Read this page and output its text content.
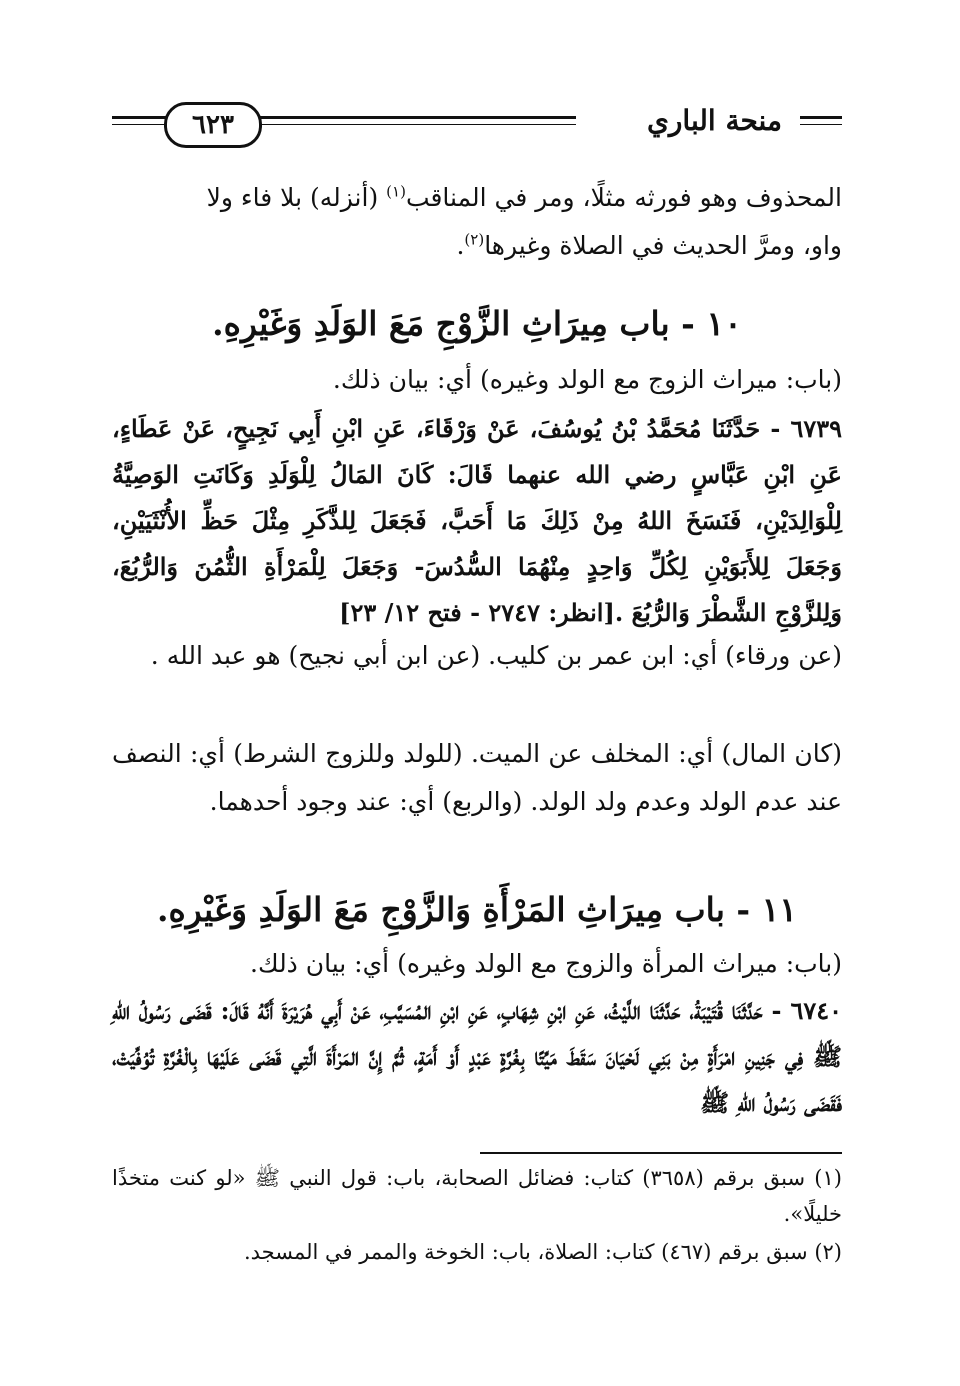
منحة الباري
٦٢٣
المحذوف وهو فورثه مثلًا، ومر في المناقب$^{(١)}$ (أنزله) بلا فاء ولا
واو، ومرَّ الحديث في الصلاة وغيرها$^{(٢)}$.
١٠ - باب مِيرَاثِ الزَّوْجِ مَعَ الوَلَدِ وَغَيْرِهِ.
(باب: ميراث الزوج مع الولد وغيره) أي: بيان ذلك.
٦٧٣٩ - حَدَّثَنَا مُحَمَّدُ بْنُ يُوسُفَ، عَنْ وَرْقَاءَ، عَنِ ابْنِ أَبِي نَجِيحٍ، عَنْ عَطَاءٍ، عَنِ ابْنِ عَبَّاسٍ رضي الله عنهما قَالَ: كَانَ المَالُ لِلْوَلَدِ وَكَانَتِ الوَصِيَّةُ لِلْوَالِدَيْنِ، فَنَسَخَ اللهُ مِنْ ذَلِكَ مَا أَحَبَّ، فَجَعَلَ لِلذَّكَرِ مِثْلَ حَظِّ الأُنْثَيَيْنِ، وَجَعَلَ لِلأَبَوَيْنِ لِكُلِّ وَاحِدٍ مِنْهُمَا السُّدُسَ- وَجَعَلَ لِلْمَرْأَةِ الثُّمُنَ وَالرُّبُعَ، وَلِلزَّوْجِ الشَّطْرَ وَالرُّبُعَ .[انظر: ٢٧٤٧ - فتح ١٢/ ٢٣]
(عن ورقاء) أي: ابن عمر بن كليب. (عن ابن أبي نجيح) هو عبد الله .
(كان المال) أي: المخلف عن الميت. (للولد وللزوج الشرط) أي: النصف عند عدم الولد وعدم ولد الولد. (والربع) أي: عند وجود أحدهما.
١١ - باب مِيرَاثِ المَرْأَةِ وَالزَّوْجِ مَعَ الوَلَدِ وَغَيْرِهِ.
(باب: ميراث المرأة والزوج مع الولد وغيره) أي: بيان ذلك.
٦٧٤٠ - حَدَّثَنَا قُتَيْبَةُ، حَدَّثَنَا اللَّيْثُ، عَنِ ابْنِ شِهَابٍ، عَنِ ابْنِ المُسَيَّبِ، عَنْ أَبِي هُرَيْرَةَ أَنَّهُ قَالَ: قَضَى رَسُولُ اللهِ ﷺ فِي جَنِينِ امْرَأَةٍ مِنْ بَنِي لَحْيَانَ سَقَطَ مَيِّتًا بِغُرَّةٍ عَبْدٍ أَوْ أَمَةٍ، ثُمَّ إِنَّ المَرْأَةَ الَّتِي قَضَى عَلَيْهَا بِالْغُرَّةِ تُوُفِّيَتْ، فَقَضَى رَسُولُ اللهِ ﷺ
(١) سبق برقم (٣٦٥٨) كتاب: فضائل الصحابة، باب: قول النبي ﷺ «لو كنت متخذًا خليلًا».
(٢) سبق برقم (٤٦٧) كتاب: الصلاة، باب: الخوخة والممر في المسجد.
